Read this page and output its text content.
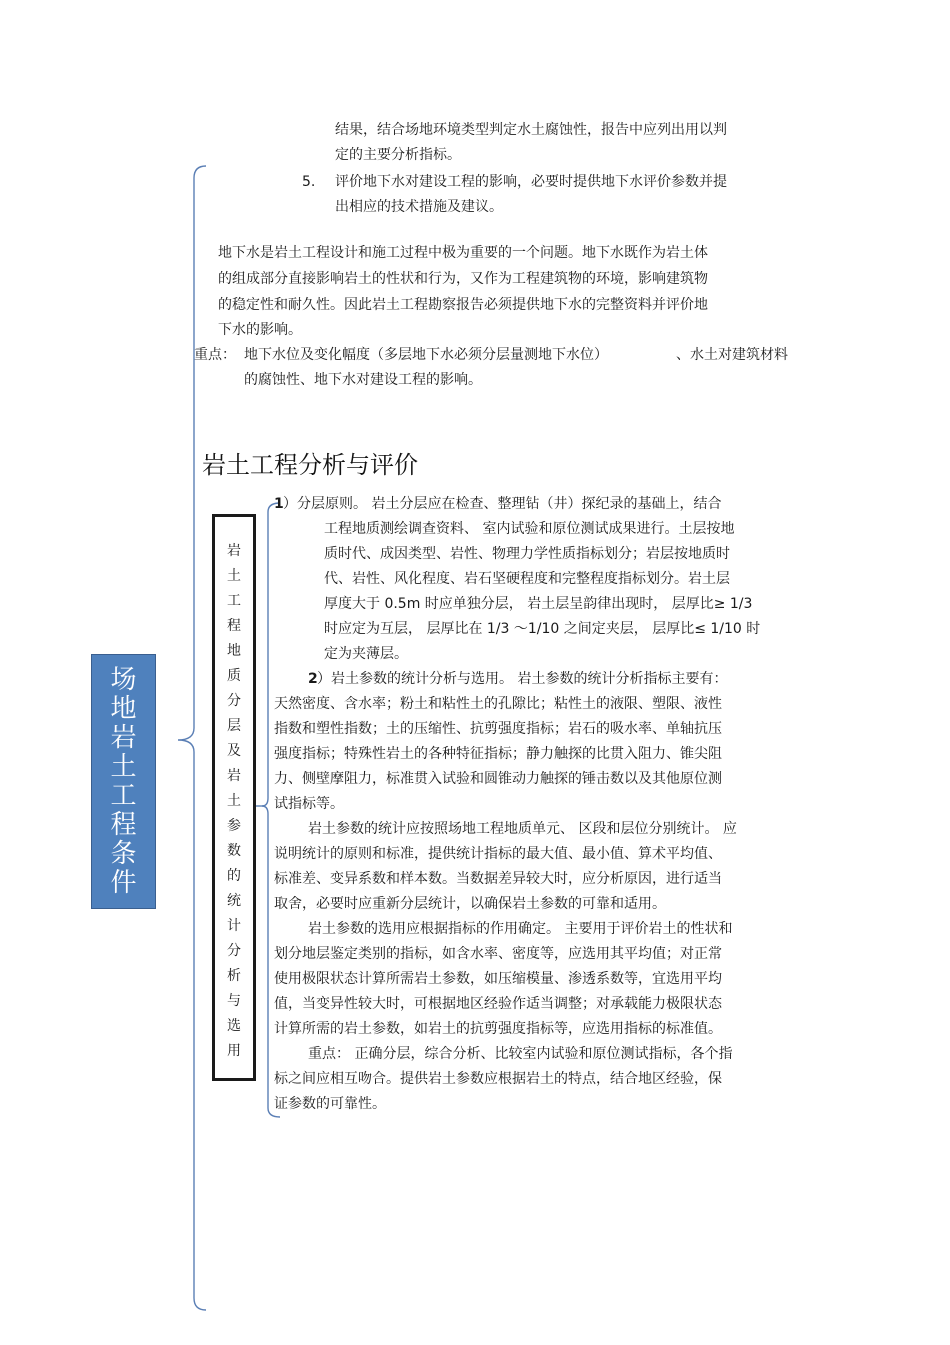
结果，结合场地环境类型判定水土腐蚀性，报告中应列出用以判
定的主要分析指标。
5. 评价地下水对建设工程的影响，必要时提供地下水评价参数并提
出相应的技术措施及建议。
地下水是岩土工程设计和施工过程中极为重要的一个问题。地下水既作为岩土体
的组成部分直接影响岩土的性状和行为，又作为工程建筑物的环境，影响建筑物
的稳定性和耐久性。因此岩土工程勘察报告必须提供地下水的完整资料并评价地
下水的影响。
重点： 地下水位及变化幅度（多层地下水必须分层量测地下水位）	、水土对建筑材料
的腐蚀性、地下水对建设工程的影响。
岩土工程分析与评价
场地岩土工程条件
岩土工程地质分层及岩土参数的统计分析与选用
1 ）分层原则。 岩土分层应在检查、整理钻（井）探纪录的基础上，结合
工程地质测绘调查资料、 室内试验和原位测试成果进行。土层按地
质时代、成因类型、岩性、物理力学性质指标划分；岩层按地质时
代、岩性、风化程度、岩石坚硬程度和完整程度指标划分。岩土层
厚度大于 0.5m 时应单独分层， 岩土层呈韵律出现时， 层厚比≥ 1/3
时应定为互层， 层厚比在 1/3 ～1/10 之间定夹层， 层厚比≤ 1/10 时
定为夹薄层。
2 ）岩土参数的统计分析与选用。 岩土参数的统计分析指标主要有：
天然密度、含水率；粉土和粘性土的孔隙比；粘性土的液限、塑限、液性
指数和塑性指数；土的压缩性、抗剪强度指标；岩石的吸水率、单轴抗压
强度指标；特殊性岩土的各种特征指标；静力触探的比贯入阻力、锥尖阻
力、侧壁摩阻力，标准贯入试验和圆锥动力触探的锤击数以及其他原位测
试指标等。
岩土参数的统计应按照场地工程地质单元、 区段和层位分别统计。 应
说明统计的原则和标准，提供统计指标的最大值、最小值、算术平均值、
标准差、变异系数和样本数。当数据差异较大时，应分析原因，进行适当
取舍，必要时应重新分层统计，以确保岩土参数的可靠和适用。
岩土参数的选用应根据指标的作用确定。 主要用于评价岩土的性状和
划分地层鉴定类别的指标，如含水率、密度等，应选用其平均值；对正常
使用极限状态计算所需岩土参数，如压缩模量、渗透系数等，宜选用平均
值，当变异性较大时，可根据地区经验作适当调整；对承载能力极限状态
计算所需的岩土参数，如岩土的抗剪强度指标等，应选用指标的标准值。
重点： 正确分层，综合分析、比较室内试验和原位测试指标，各个指
标之间应相互吻合。提供岩土参数应根据岩土的特点，结合地区经验，保
证参数的可靠性。
